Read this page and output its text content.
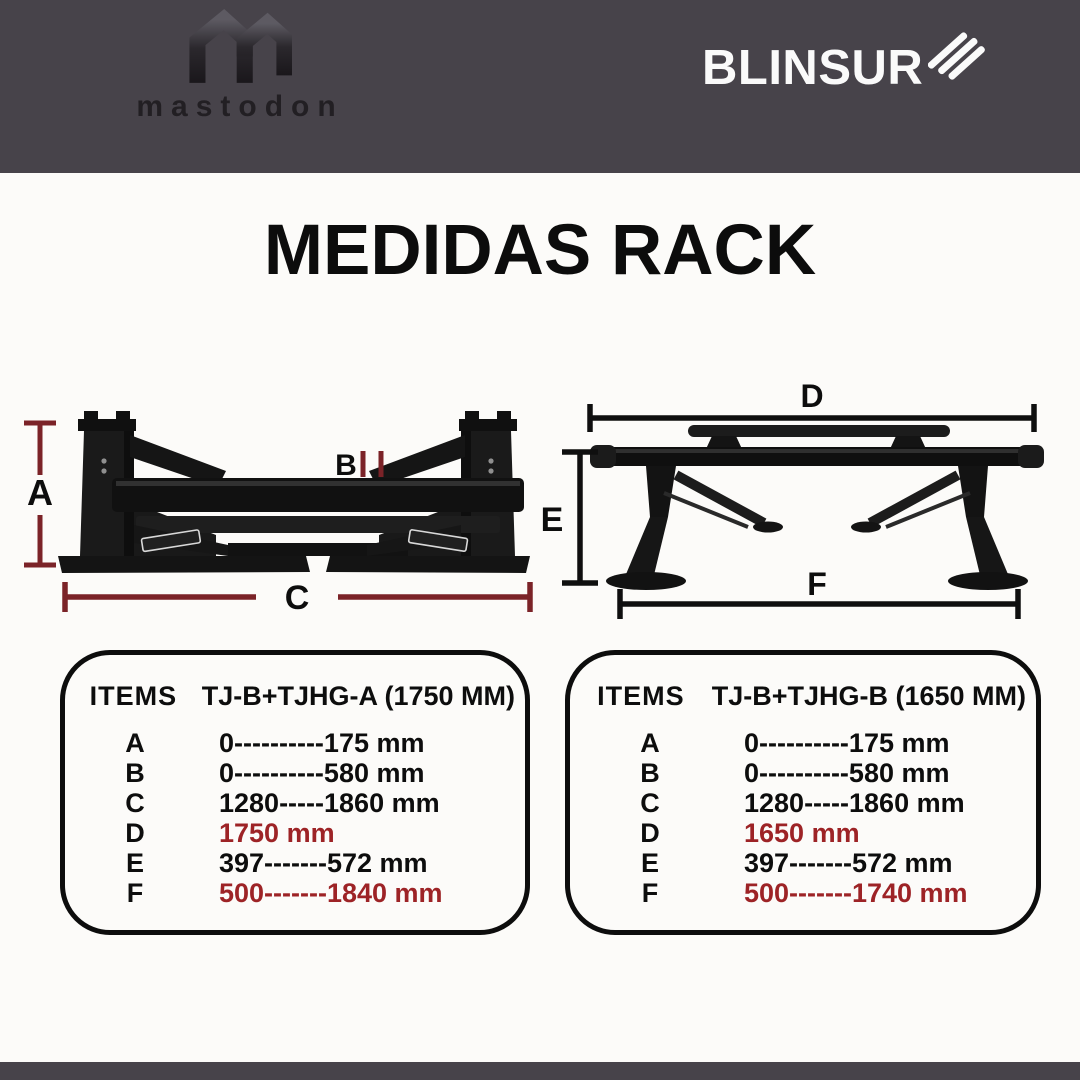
mastodon
BLINSUR
MEDIDAS RACK
A
B
C
D
E
F
ITEMS TJ-B+TJHG-A (1750 MM)
A	0----------175 mm
B	0----------580 mm
C	1280-----1860 mm
D	1750 mm
E	397-------572 mm
F	500-------1840 mm
ITEMS	TJ-B+TJHG-B (1650 MM)
A	0----------175 mm
B	0----------580 mm
C	1280-----1860 mm
D	1650 mm
E	397-------572 mm
F	500-------1740 mm
